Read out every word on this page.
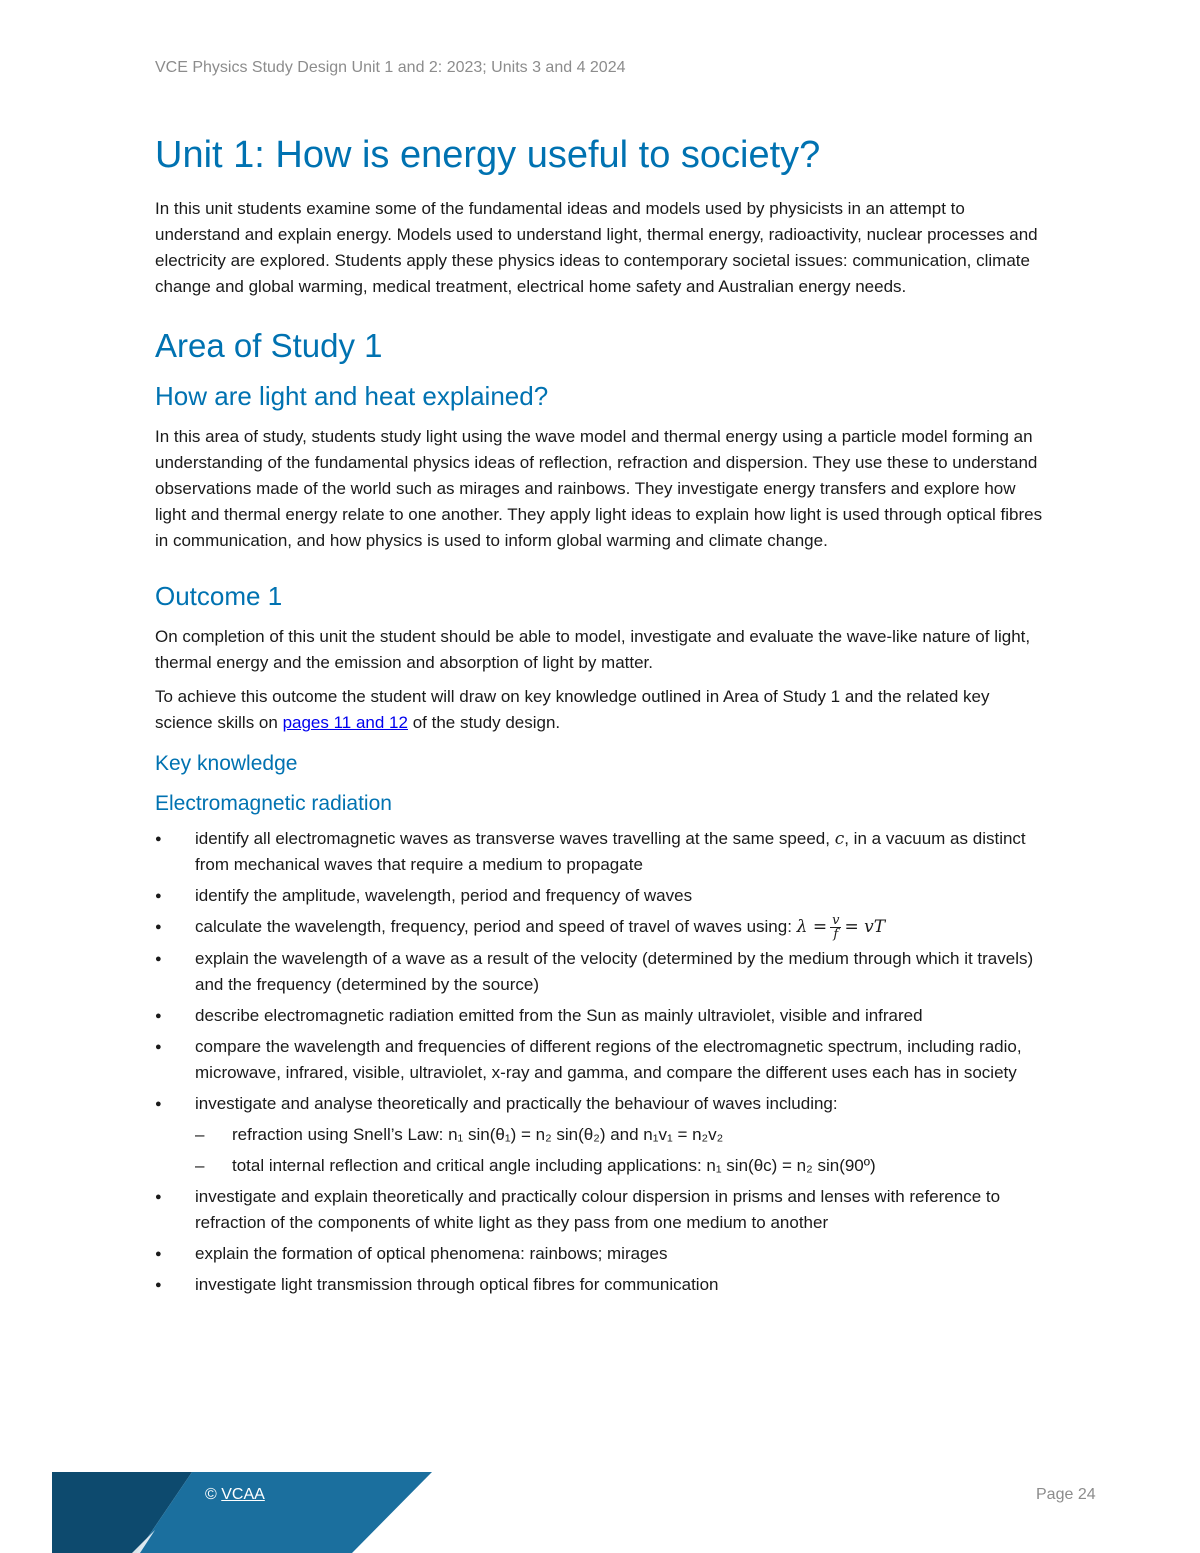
VCE Physics Study Design Unit 1 and 2: 2023; Units 3 and 4 2024
Unit 1: How is energy useful to society?

In this unit students examine some of the fundamental ideas and models used by physicists in an attempt to understand and explain energy. Models used to understand light, thermal energy, radioactivity, nuclear processes and electricity are explored. Students apply these physics ideas to contemporary societal issues: communication, climate change and global warming, medical treatment, electrical home safety and Australian energy needs.

Area of Study 1
How are light and heat explained?

In this area of study, students study light using the wave model and thermal energy using a particle model forming an understanding of the fundamental physics ideas of reflection, refraction and dispersion. They use these to understand observations made of the world such as mirages and rainbows. They investigate energy transfers and explore how light and thermal energy relate to one another. They apply light ideas to explain how light is used through optical fibres in communication, and how physics is used to inform global warming and climate change.

Outcome 1

On completion of this unit the student should be able to model, investigate and evaluate the wave-like nature of light, thermal energy and the emission and absorption of light by matter.

To achieve this outcome the student will draw on key knowledge outlined in Area of Study 1 and the related key science skills on pages 11 and 12 of the study design.

Key knowledge
Electromagnetic radiation
● identify all electromagnetic waves as transverse waves travelling at the same speed, c, in a vacuum as distinct from mechanical waves that require a medium to propagate
● identify the amplitude, wavelength, period and frequency of waves
● calculate the wavelength, frequency, period and speed of travel of waves using: $\lambda = \frac{v}{f}$ = vT
● explain the wavelength of a wave as a result of the velocity (determined by the medium through which it travels) and the frequency (determined by the source)
● describe electromagnetic radiation emitted from the Sun as mainly ultraviolet, visible and infrared
● compare the wavelength and frequencies of different regions of the electromagnetic spectrum, including radio, microwave, infrared, visible, ultraviolet, x-ray and gamma, and compare the different uses each has in society
● investigate and analyse theoretically and practically the behaviour of waves including:
– refraction using Snell’s Law: n₁ sin(θ₁) = n₂ sin(θ₂) and n₁v₁ = n₂v₂
– total internal reflection and critical angle including applications: n₁ sin(θc) = n₂ sin(90º)
● investigate and explain theoretically and practically colour dispersion in prisms and lenses with reference to refraction of the components of white light as they pass from one medium to another
● explain the formation of optical phenomena: rainbows; mirages
● investigate light transmission through optical fibres for communication
© VCAA	Page 24
